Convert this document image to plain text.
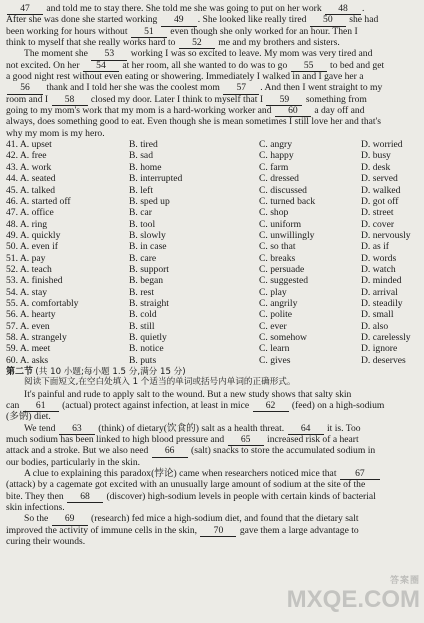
47 and told me to stay there. She told me she was going to put on her work 48 .
After she was done she started working 49 . She looked like really tired 50 she had
been working for hours without 51 even though she only worked for an hour. Then I
think to myself that she really works hard to 52 me and my brothers and sisters.
The moment she 53 working I was so excited to leave. My mom was very tired and
not excited. On her 54 at her room, all she wanted to do was to go 55 to bed and get
a good night rest without even eating or showering. Immediately I walked in and I gave her a
56 thank and I told her she was the coolest mom 57 . And then I went straight to my
room and I 58 closed my door. Later I think to myself that I 59 something from
going to my mom's work that my mom is a hard-working worker and 60 a day off and
always, does something good to eat. Even though she is mean sometimes I still love her and that's
why my mom is my hero.
41. A. upset	B. tired	C. angry	D. worried
42. A. free	B. sad	C. happy	D. busy
43. A. work	B. home	C. farm	D. desk
44. A. seated	B. interrupted	C. dressed	D. served
45. A. talked	B. left	C. discussed	D. walked
46. A. started off	B. sped up	C. turned back	D. got off
47. A. office	B. car	C. shop	D. street
48. A. ring	B. tool	C. uniform	D. cover
49. A. quickly	B. slowly	C. unwillingly	D. nervously
50. A. even if	B. in case	C. so that	D. as if
51. A. pay	B. care	C. breaks	D. words
52. A. teach	B. support	C. persuade	D. watch
53. A. finished	B. began	C. suggested	D. minded
54. A. stay	B. rest	C. play	D. arrival
55. A. comfortably	B. straight	C. angrily	D. steadily
56. A. hearty	B. cold	C. polite	D. small
57. A. even	B. still	C. ever	D. also
58. A. strangely	B. quietly	C. somehow	D. carelessly
59. A. meet	B. notice	C. learn	D. ignore
60. A. asks	B. puts	C. gives	D. deserves
第二节 (共 10 小题;每小题 1.5 分,满分 15 分)
阅读下面短文,在空白处填入 1 个适当的单词或括号内单词的正确形式。
It's painful and rude to apply salt to the wound. But a new study shows that salty skin
can 61 (actual) protect against infection, at least in mice 62 (feed) on a high-sodium
(多钠) diet.
We tend 63 (think) of dietary(饮食的) salt as a health threat. 64 it is. Too
much sodium has been linked to high blood pressure and 65 increased risk of a heart
attack and a stroke. But we also need 66 (salt) snacks to store the accumulated sodium in
our bodies, particularly in the skin.
A clue to explaining this paradox(悖论) came when researchers noticed mice that 67
(attack) by a cagemate got excited with an unusually large amount of sodium at the site of the
bite. They then 68 (discover) high-sodium levels in people with certain kinds of bacterial
skin infections.
So the 69 (research) fed mice a high-sodium diet, and found that the dietary salt
improved the activity of immune cells in the skin, 70 gave them a large advantage to
curing their wounds.
答案圈
MXQE.COM
